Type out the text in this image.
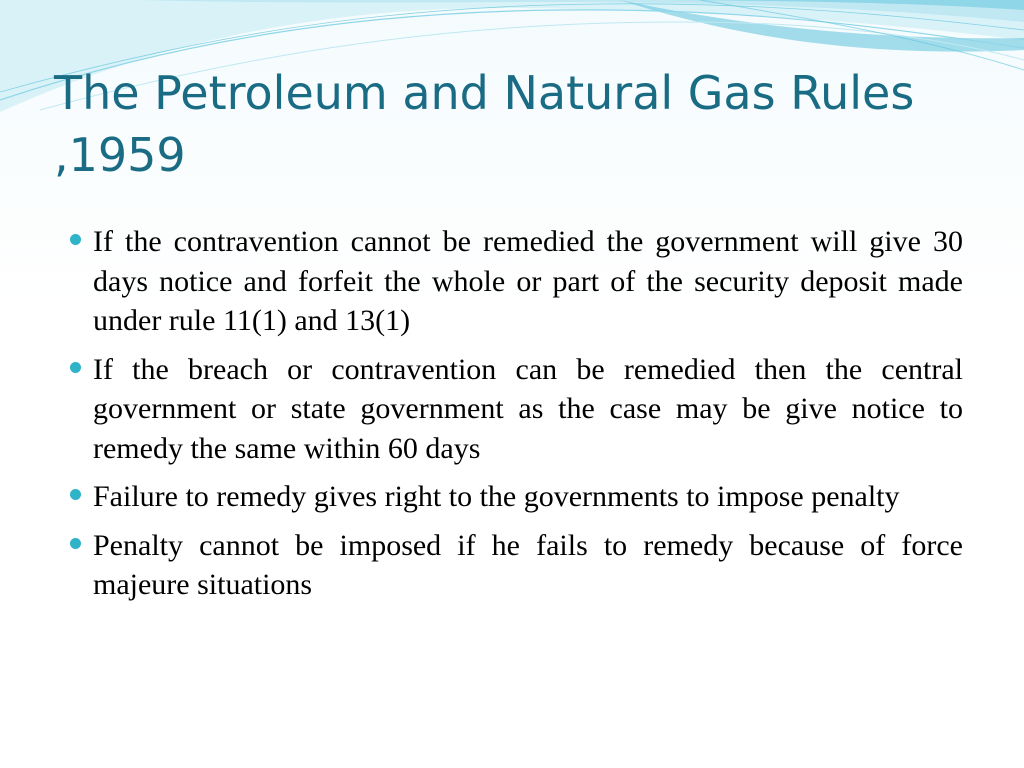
The Petroleum and Natural Gas Rules ,1959
If the contravention cannot be remedied the government will give 30 days notice and forfeit the whole or part of the security deposit made under rule 11(1) and 13(1)
If the breach or contravention can be remedied then the central government or state government as the case may be give notice to remedy the same within 60 days
Failure to remedy gives right to the governments to impose penalty
Penalty cannot be imposed if he fails to remedy because of force majeure situations
